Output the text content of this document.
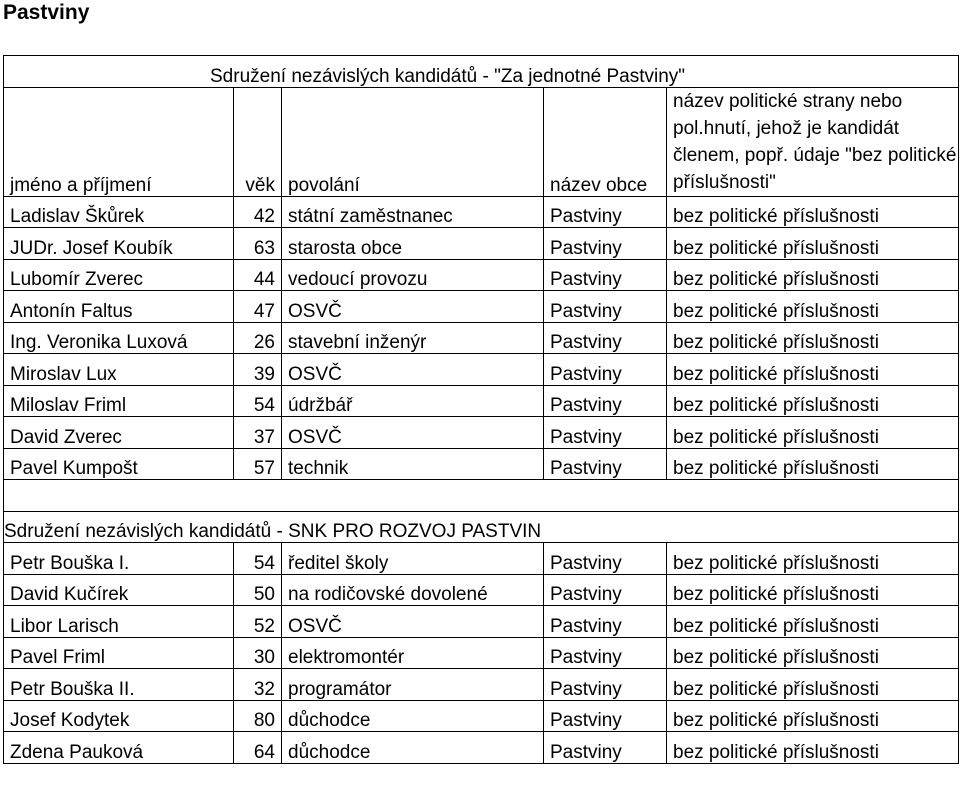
Pastviny
Sdružení nezávislých kandidátů - "Za jednotné Pastviny"				
jméno a příjmení	věk	povolání	název obce	název politické strany nebo pol.hnutí, jehož je kandidát členem, popř. údaje "bez politické příslušnosti"
Ladislav Škůrek	42	státní zaměstnanec	Pastviny	bez politické příslušnosti
JUDr. Josef Koubík	63	starosta obce	Pastviny	bez politické příslušnosti
Lubomír Zverec	44	vedoucí provozu	Pastviny	bez politické příslušnosti
Antonín Faltus	47	OSVČ	Pastviny	bez politické příslušnosti
Ing. Veronika Luxová	26	stavební inženýr	Pastviny	bez politické příslušnosti
Miroslav Lux	39	OSVČ	Pastviny	bez politické příslušnosti
Miloslav Friml	54	údržbář	Pastviny	bez politické příslušnosti
David Zverec	37	OSVČ	Pastviny	bez politické příslušnosti
Pavel Kumpošt	57	technik	Pastviny	bez politické příslušnosti

Sdružení nezávislých kandidátů - SNK PRO ROZVOJ PASTVIN				
Petr Bouška I.	54	ředitel školy	Pastviny	bez politické příslušnosti
David Kučírek	50	na rodičovské dovolené	Pastviny	bez politické příslušnosti
Libor Larisch	52	OSVČ	Pastviny	bez politické příslušnosti
Pavel Friml	30	elektromontér	Pastviny	bez politické příslušnosti
Petr Bouška II.	32	programátor	Pastviny	bez politické příslušnosti
Josef Kodytek	80	důchodce	Pastviny	bez politické příslušnosti
Zdena Pauková	64	důchodce	Pastviny	bez politické příslušnosti
